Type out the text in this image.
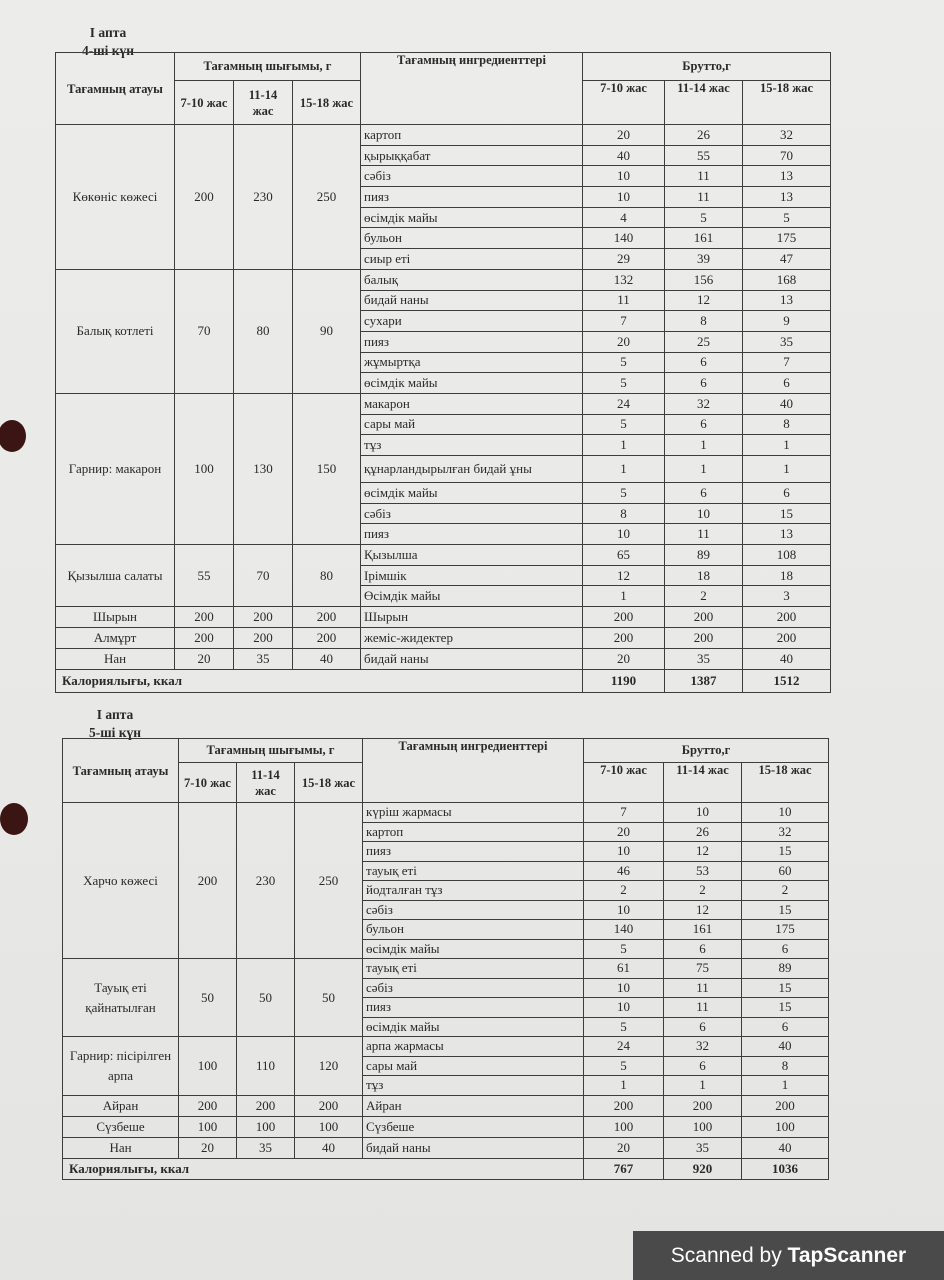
I апта
4-ші күн
Тағамның атауы	Тағамның шығымы, г			Тағамның ингредиенттері	Брутто,г		
	7-10 жас	11-14 жас	15-18 жас		7-10 жас	11-14 жас	15-18 жас
Көкөніс көжесі	200	230	250	картоп	20	26	32
				қырыққабат	40	55	70
				сәбіз	10	11	13
				пияз	10	11	13
				өсімдік майы	4	5	5
				бульон	140	161	175
				сиыр еті	29	39	47
Балық котлеті	70	80	90	балық	132	156	168
				бидай наны	11	12	13
				сухари	7	8	9
				пияз	20	25	35
				жұмыртқа	5	6	7
				өсімдік майы	5	6	6
Гарнир: макарон	100	130	150	макарон	24	32	40
				сары май	5	6	8
				тұз	1	1	1
				құнарландырылған бидай ұны	1	1	1
				өсімдік майы	5	6	6
				сәбіз	8	10	15
				пияз	10	11	13
Қызылша салаты	55	70	80	Қызылша	65	89	108
				Ірімшік	12	18	18
				Өсімдік майы	1	2	3
Шырын	200	200	200	Шырын	200	200	200
Алмұрт	200	200	200	жеміс-жидектер	200	200	200
Нан	20	35	40	бидай наны	20	35	40
Калориялығы, ккал					1190	1387	1512
I апта
5-ші күн
Тағамның атауы	Тағамның шығымы, г			Тағамның ингредиенттері	Брутто,г		
	7-10 жас	11-14 жас	15-18 жас		7-10 жас	11-14 жас	15-18 жас
Харчо көжесі	200	230	250	күріш жармасы	7	10	10
				картоп	20	26	32
				пияз	10	12	15
				тауық еті	46	53	60
				йодталған тұз	2	2	2
				сәбіз	10	12	15
				бульон	140	161	175
				өсімдік майы	5	6	6
Тауық еті қайнатылған	50	50	50	тауық еті	61	75	89
				сәбіз	10	11	15
				пияз	10	11	15
				өсімдік майы	5	6	6
Гарнир: пісірілген арпа	100	110	120	арпа жармасы	24	32	40
				сары май	5	6	8
				тұз	1	1	1
Айран	200	200	200	Айран	200	200	200
Сүзбеше	100	100	100	Сүзбеше	100	100	100
Нан	20	35	40	бидай наны	20	35	40
Калориялығы, ккал					767	920	1036
Scanned by TapScanner
